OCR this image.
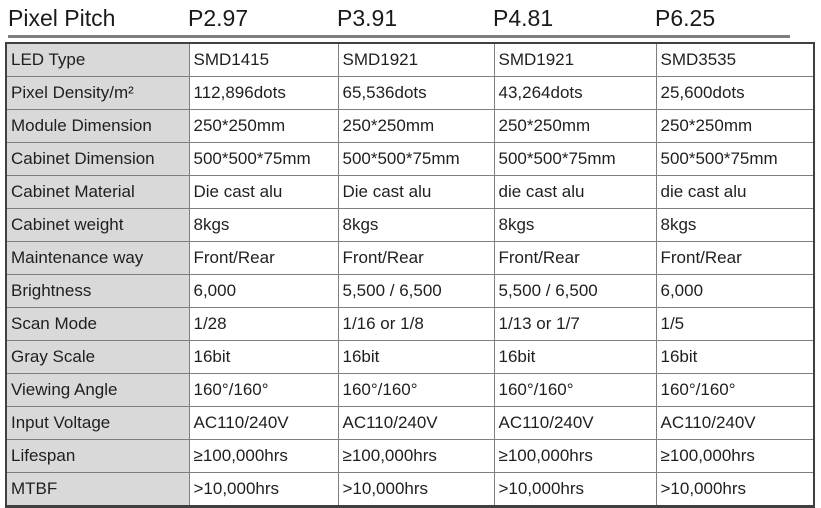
Pixel Pitch	P2.97	P3.91	P4.81	P6.25
LED Type	SMD1415	SMD1921	SMD1921	SMD3535
Pixel Density/m²	112,896dots	65,536dots	43,264dots	25,600dots
Module Dimension	250*250mm	250*250mm	250*250mm	250*250mm
Cabinet Dimension	500*500*75mm	500*500*75mm	500*500*75mm	500*500*75mm
Cabinet Material	Die cast alu	Die cast alu	die cast alu	die cast alu
Cabinet weight	8kgs	8kgs	8kgs	8kgs
Maintenance way	Front/Rear	Front/Rear	Front/Rear	Front/Rear
Brightness	6,000	5,500 / 6,500	5,500 / 6,500	6,000
Scan Mode	1/28	1/16 or 1/8	1/13 or 1/7	1/5
Gray Scale	16bit	16bit	16bit	16bit
Viewing Angle	160°/160°	160°/160°	160°/160°	160°/160°
Input Voltage	AC110/240V	AC110/240V	AC110/240V	AC110/240V
Lifespan	≥100,000hrs	≥100,000hrs	≥100,000hrs	≥100,000hrs
MTBF	>10,000hrs	>10,000hrs	>10,000hrs	>10,000hrs
